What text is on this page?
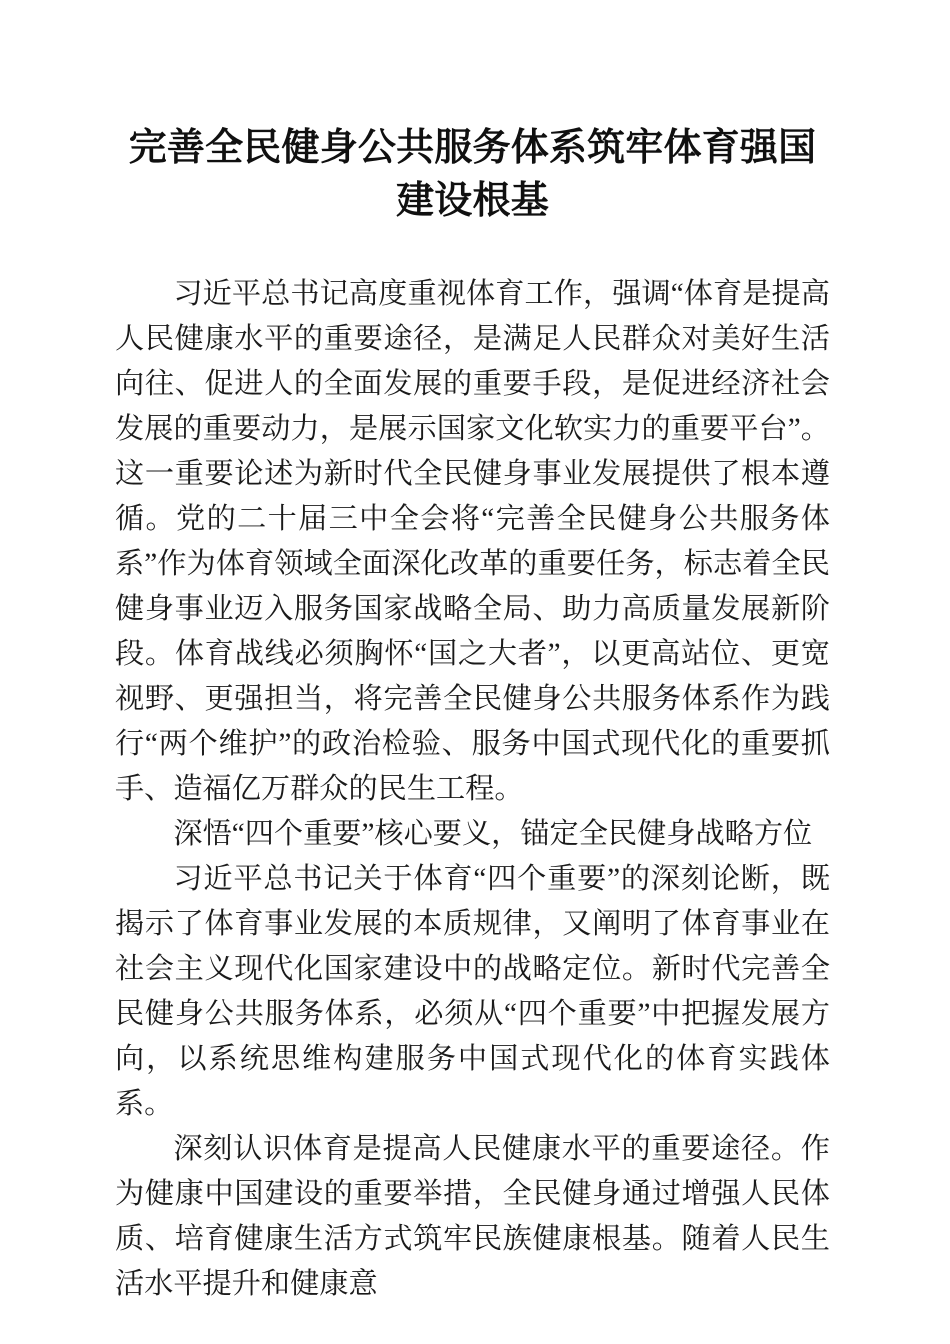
完善全民健身公共服务体系筑牢体育强国建设根基

习近平总书记高度重视体育工作，强调“体育是提高人民健康水平的重要途径，是满足人民群众对美好生活向往、促进人的全面发展的重要手段，是促进经济社会发展的重要动力，是展示国家文化软实力的重要平台”。这一重要论述为新时代全民健身事业发展提供了根本遵循。党的二十届三中全会将“完善全民健身公共服务体系”作为体育领域全面深化改革的重要任务，标志着全民健身事业迈入服务国家战略全局、助力高质量发展新阶段。体育战线必须胸怀“国之大者”，以更高站位、更宽视野、更强担当，将完善全民健身公共服务体系作为践行“两个维护”的政治检验、服务中国式现代化的重要抓手、造福亿万群众的民生工程。

深悟“四个重要”核心要义，锚定全民健身战略方位

习近平总书记关于体育“四个重要”的深刻论断，既揭示了体育事业发展的本质规律，又阐明了体育事业在社会主义现代化国家建设中的战略定位。新时代完善全民健身公共服务体系，必须从“四个重要”中把握发展方向，以系统思维构建服务中国式现代化的体育实践体系。

深刻认识体育是提高人民健康水平的重要途径。作为健康中国建设的重要举措，全民健身通过增强人民体质、培育健康生活方式筑牢民族健康根基。随着人民生活水平提升和健康意
